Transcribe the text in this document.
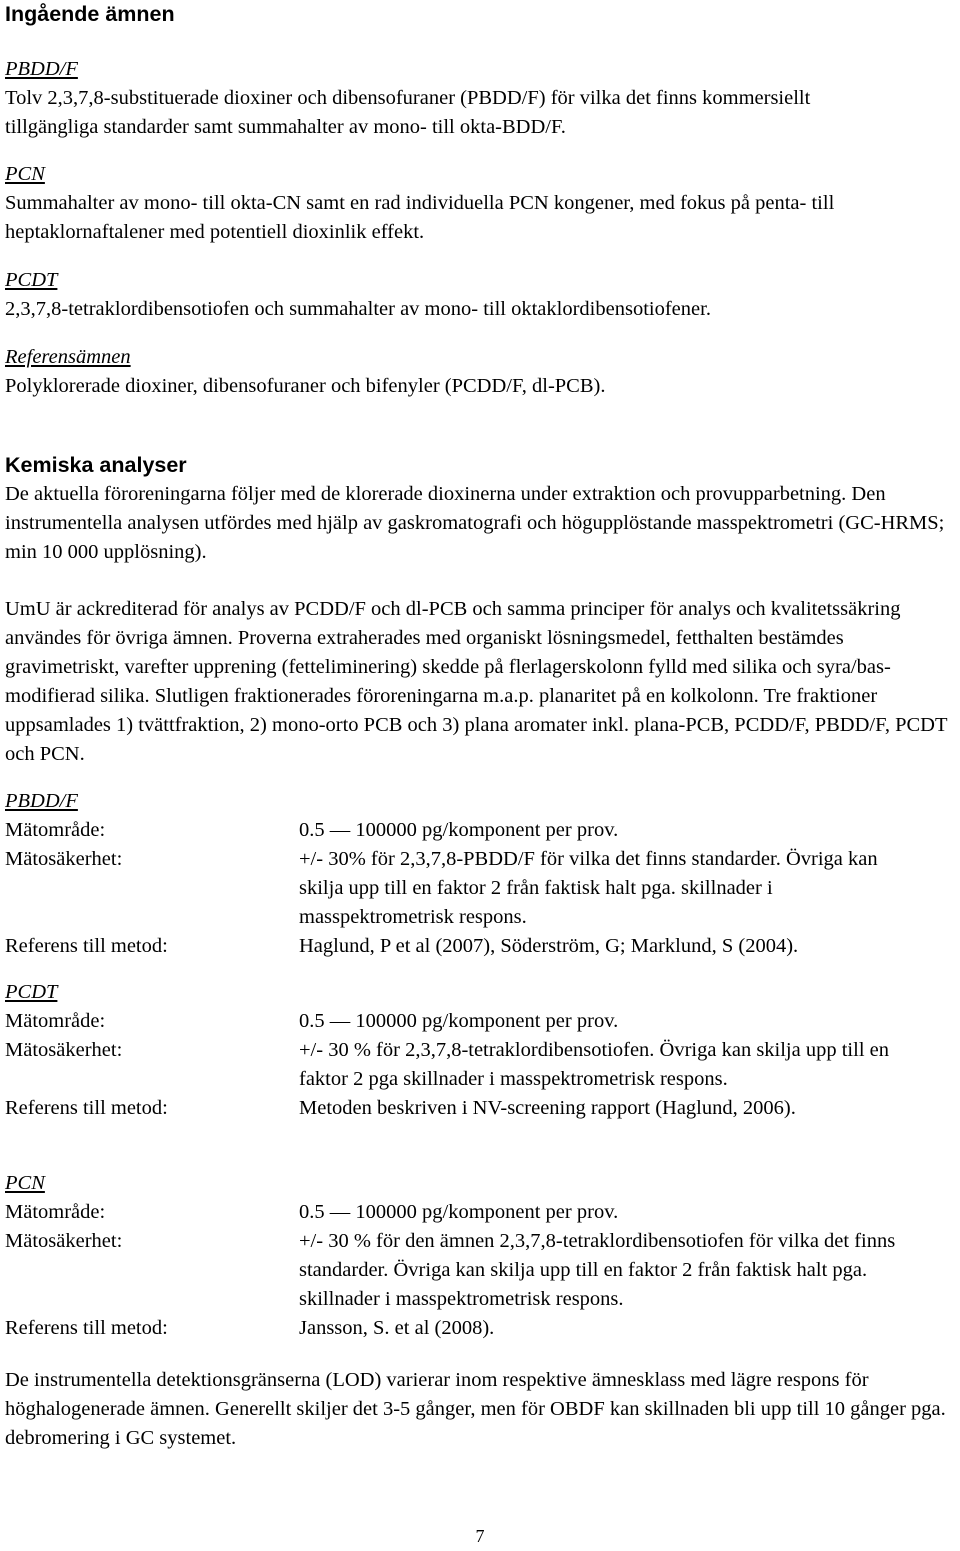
Ingående ämnen

PBDD/F

Tolv 2,3,7,8-substituerade dioxiner och dibensofuraner (PBDD/F) för vilka det finns kommersiellt tillgängliga standarder samt summahalter av mono- till okta-BDD/F.

PCN

Summahalter av mono- till okta-CN samt en rad individuella PCN kongener, med fokus på penta- till heptaklornaftalener med potentiell dioxinlik effekt.

PCDT

2,3,7,8-tetraklordibensotiofen och summahalter av mono- till oktaklordibensotiofener.

Referensämnen

Polyklorerade dioxiner, dibensofuraner och bifenyler (PCDD/F, dl-PCB).

Kemiska analyser

De aktuella föroreningarna följer med de klorerade dioxinerna under extraktion och provupparbetning. Den instrumentella analysen utfördes med hjälp av gaskromatografi och högupplöstande masspektrometri (GC-HRMS; min 10 000 upplösning).

UmU är ackrediterad för analys av PCDD/F och dl-PCB och samma principer för analys och kvalitetssäkring användes för övriga ämnen. Proverna extraherades med organiskt lösningsmedel, fetthalten bestämdes gravimetriskt, varefter upprening (fetteliminering) skedde på flerlagerskolonn fylld med silika och syra/bas-modifierad silika. Slutligen fraktionerades föroreningarna m.a.p. planaritet på en kolkolonn. Tre fraktioner uppsamlades 1) tvättfraktion, 2) mono-orto PCB och 3) plana aromater inkl. plana-PCB, PCDD/F, PBDD/F, PCDT och PCN.

PBDD/F

Mätområde:	0.5 — 100000 pg/komponent per prov.
Mätosäkerhet:	+/- 30% för 2,3,7,8-PBDD/F för vilka det finns standarder. Övriga kan skilja upp till en faktor 2 från faktisk halt pga. skillnader i masspektrometrisk respons.
Referens till metod:	Haglund, P et al (2007), Söderström, G; Marklund, S (2004).

PCDT

Mätområde:	0.5 — 100000 pg/komponent per prov.
Mätosäkerhet:	+/- 30 % för 2,3,7,8-tetraklordibensotiofen. Övriga kan skilja upp till en faktor 2 pga skillnader i masspektrometrisk respons.
Referens till metod:	Metoden beskriven i NV-screening rapport (Haglund, 2006).

PCN

Mätområde:	0.5 — 100000 pg/komponent per prov.
Mätosäkerhet:	+/- 30 % för den ämnen 2,3,7,8-tetraklordibensotiofen för vilka det finns standarder. Övriga kan skilja upp till en faktor 2 från faktisk halt pga. skillnader i masspektrometrisk respons.
Referens till metod:	Jansson, S. et al (2008).

De instrumentella detektionsgränserna (LOD) varierar inom respektive ämnesklass med lägre respons för höghalogenerade ämnen. Generellt skiljer det 3-5 gånger, men för OBDF kan skillnaden bli upp till 10 gånger pga. debromering i GC systemet.

7
